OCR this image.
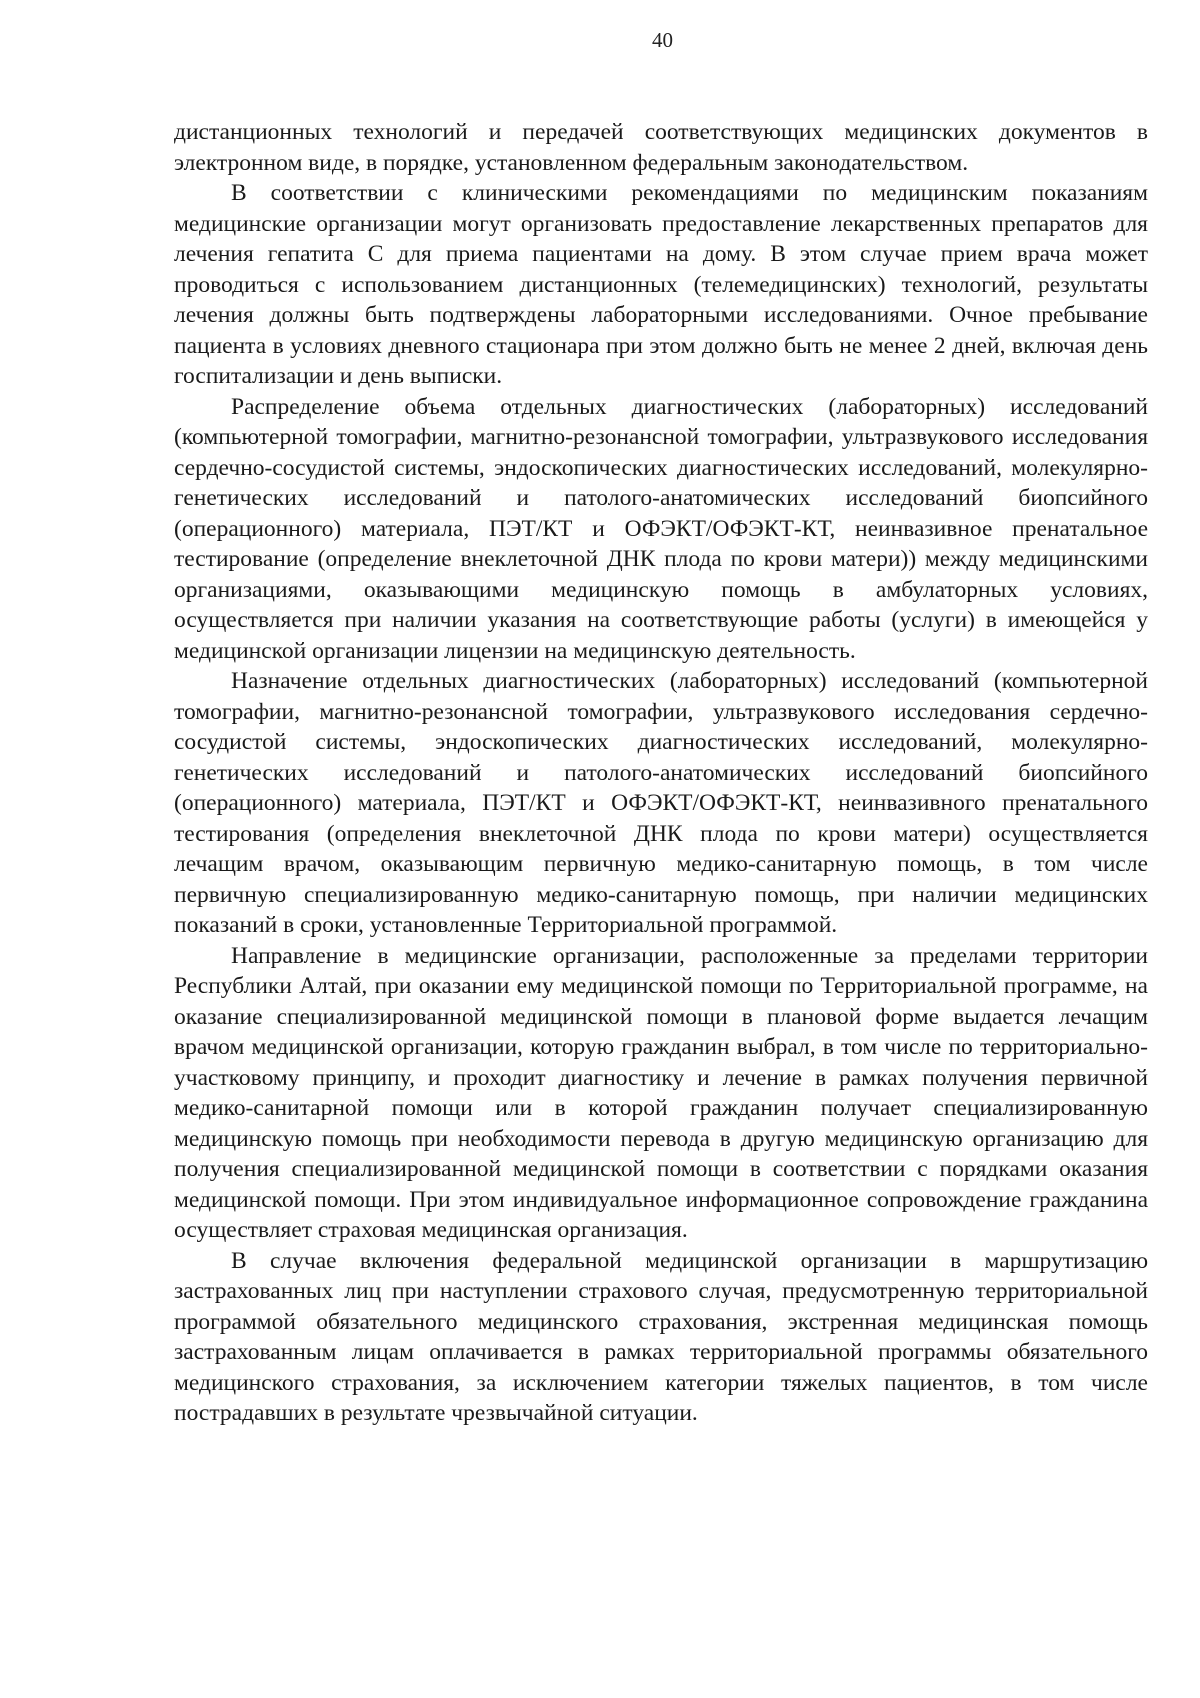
40

дистанционных технологий и передачей соответствующих медицинских документов в электронном виде, в порядке, установленном федеральным законодательством.

В соответствии с клиническими рекомендациями по медицинским показаниям медицинские организации могут организовать предоставление лекарственных препаратов для лечения гепатита С для приема пациентами на дому. В этом случае прием врача может проводиться с использованием дистанционных (телемедицинских) технологий, результаты лечения должны быть подтверждены лабораторными исследованиями. Очное пребывание пациента в условиях дневного стационара при этом должно быть не менее 2 дней, включая день госпитализации и день выписки.

Распределение объема отдельных диагностических (лабораторных) исследований (компьютерной томографии, магнитно-резонансной томографии, ультразвукового исследования сердечно-сосудистой системы, эндоскопических диагностических исследований, молекулярно-генетических исследований и патолого-анатомических исследований биопсийного (операционного) материала, ПЭТ/КТ и ОФЭКТ/ОФЭКТ-КТ, неинвазивное пренатальное тестирование (определение внеклеточной ДНК плода по крови матери)) между медицинскими организациями, оказывающими медицинскую помощь в амбулаторных условиях, осуществляется при наличии указания на соответствующие работы (услуги) в имеющейся у медицинской организации лицензии на медицинскую деятельность.

Назначение отдельных диагностических (лабораторных) исследований (компьютерной томографии, магнитно-резонансной томографии, ультразвукового исследования сердечно-сосудистой системы, эндоскопических диагностических исследований, молекулярно-генетических исследований и патолого-анатомических исследований биопсийного (операционного) материала, ПЭТ/КТ и ОФЭКТ/ОФЭКТ-КТ, неинвазивного пренатального тестирования (определения внеклеточной ДНК плода по крови матери) осуществляется лечащим врачом, оказывающим первичную медико-санитарную помощь, в том числе первичную специализированную медико-санитарную помощь, при наличии медицинских показаний в сроки, установленные Территориальной программой.

Направление в медицинские организации, расположенные за пределами территории Республики Алтай, при оказании ему медицинской помощи по Территориальной программе, на оказание специализированной медицинской помощи в плановой форме выдается лечащим врачом медицинской организации, которую гражданин выбрал, в том числе по территориально-участковому принципу, и проходит диагностику и лечение в рамках получения первичной медико-санитарной помощи или в которой гражданин получает специализированную медицинскую помощь при необходимости перевода в другую медицинскую организацию для получения специализированной медицинской помощи в соответствии с порядками оказания медицинской помощи. При этом индивидуальное информационное сопровождение гражданина осуществляет страховая медицинская организация.

В случае включения федеральной медицинской организации в маршрутизацию застрахованных лиц при наступлении страхового случая, предусмотренную территориальной программой обязательного медицинского страхования, экстренная медицинская помощь застрахованным лицам оплачивается в рамках территориальной программы обязательного медицинского страхования, за исключением категории тяжелых пациентов, в том числе пострадавших в результате чрезвычайной ситуации.
